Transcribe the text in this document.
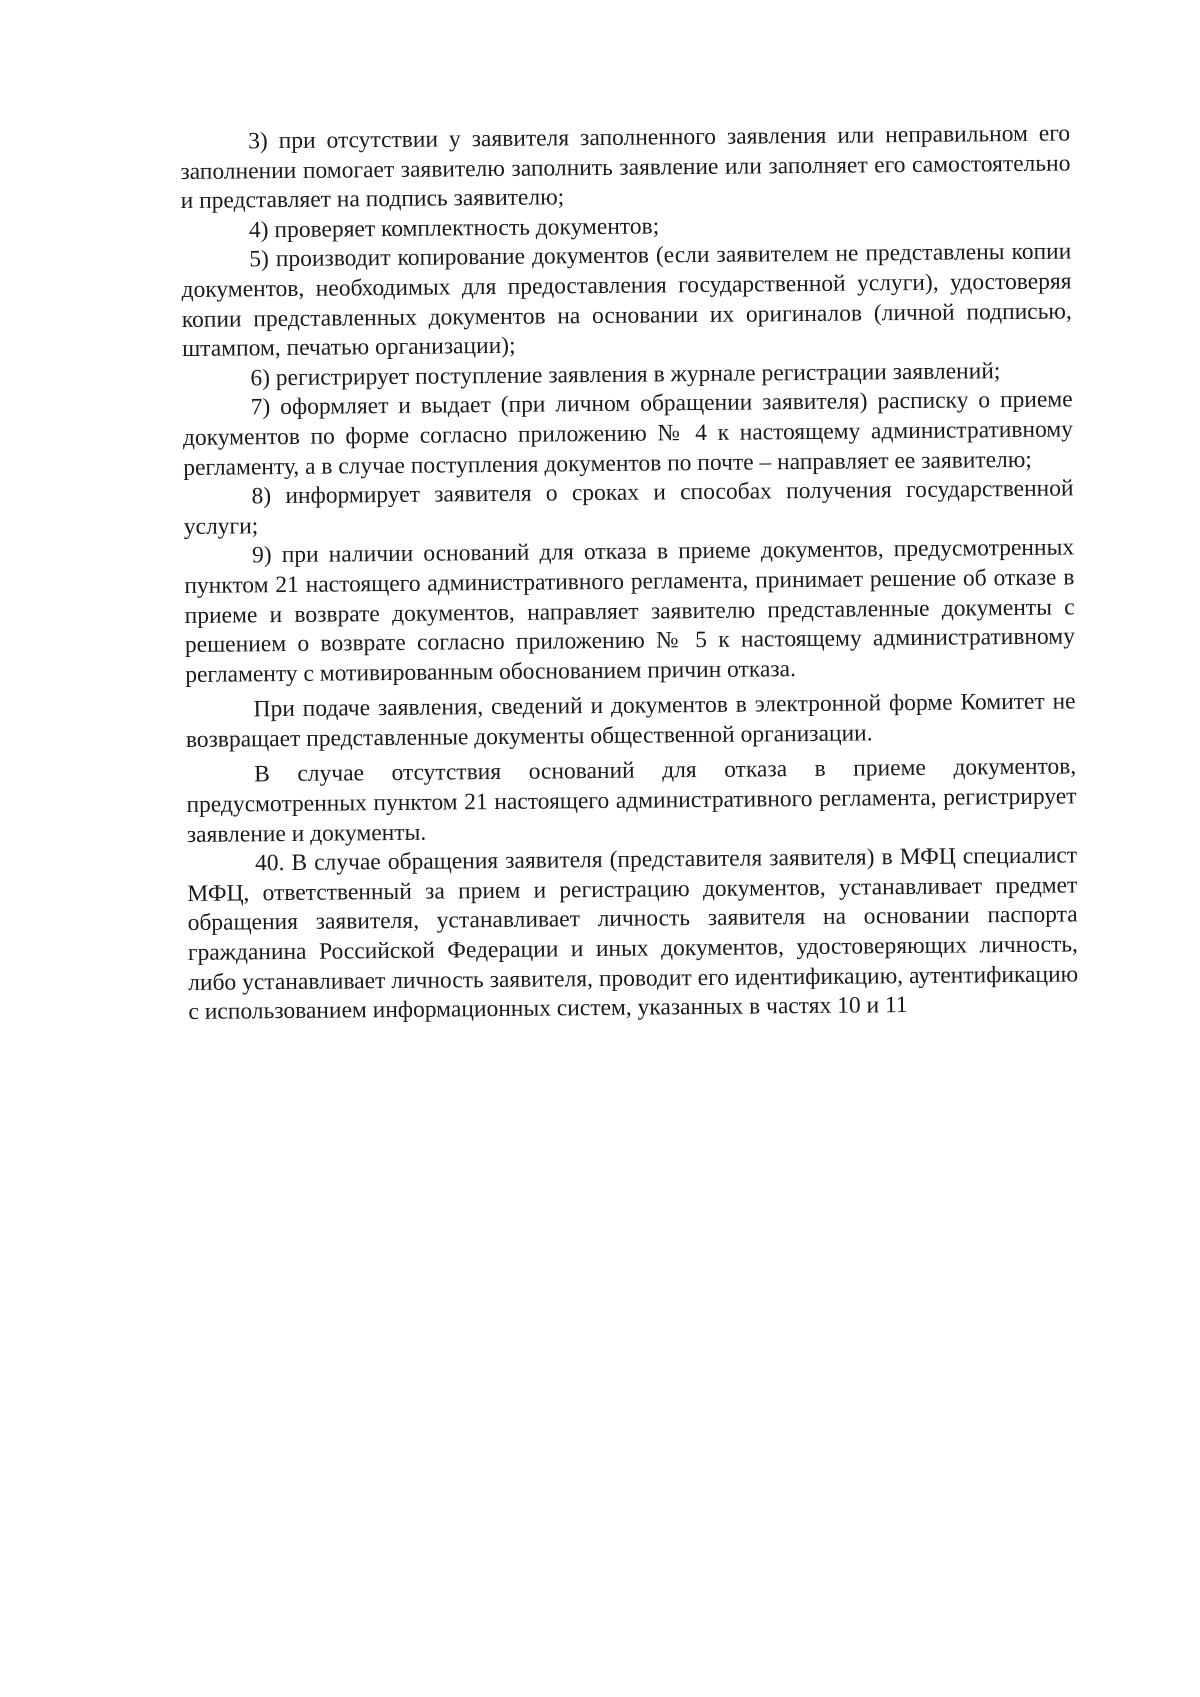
3) при отсутствии у заявителя заполненного заявления или неправильном его заполнении помогает заявителю заполнить заявление или заполняет его самостоятельно и представляет на подпись заявителю;

4) проверяет комплектность документов;

5) производит копирование документов (если заявителем не представлены копии документов, необходимых для предоставления государственной услуги), удостоверяя копии представленных документов на основании их оригиналов (личной подписью, штампом, печатью организации);

6) регистрирует поступление заявления в журнале регистрации заявлений;

7) оформляет и выдает (при личном обращении заявителя) расписку о приеме документов по форме согласно приложению № 4 к настоящему административному регламенту, а в случае поступления документов по почте – направляет ее заявителю;

8) информирует заявителя о сроках и способах получения государственной услуги;

9) при наличии оснований для отказа в приеме документов, предусмотренных пунктом 21 настоящего административного регламента, принимает решение об отказе в приеме и возврате документов, направляет заявителю представленные документы с решением о возврате согласно приложению № 5 к настоящему административному регламенту с мотивированным обоснованием причин отказа.

При подаче заявления, сведений и документов в электронной форме Комитет не возвращает представленные документы общественной организации.

В случае отсутствия оснований для отказа в приеме документов, предусмотренных пунктом 21 настоящего административного регламента, регистрирует заявление и документы.

40. В случае обращения заявителя (представителя заявителя) в МФЦ специалист МФЦ, ответственный за прием и регистрацию документов, устанавливает предмет обращения заявителя, устанавливает личность заявителя на основании паспорта гражданина Российской Федерации и иных документов, удостоверяющих личность, либо устанавливает личность заявителя, проводит его идентификацию, аутентификацию с использованием информационных систем, указанных в частях 10 и 11
